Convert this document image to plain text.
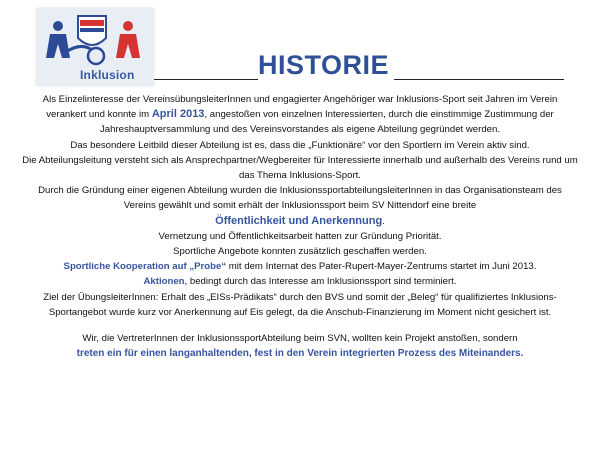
Inklusion	HISTORIE

Als Einzelinteresse der VereinsübungsleiterInnen und engagierter Angehöriger war Inklusions-Sport seit Jahren im Verein verankert und konnte im April 2013, angestoßen von einzelnen Interessierten, durch die einstimmige Zustimmung der Jahreshauptversammlung und des Vereinsvorstandes als eigene Abteilung gegründet werden.

Das besondere Leitbild dieser Abteilung ist es, dass die „Funktionäre“ vor den Sportlern im Verein aktiv sind.

Die Abteilungsleitung versteht sich als Ansprechpartner/Wegbereiter für Interessierte innerhalb und außerhalb des Vereins rund um das Thema Inklusions-Sport.

Durch die Gründung einer eigenen Abteilung wurden die InklusionssportabteilungsleiterInnen in das Organisationsteam des Vereins gewählt und somit erhält der Inklusionssport beim SV Nittendorf eine breite
Öffentlichkeit und Anerkennung.

Vernetzung und Öffentlichkeitsarbeit hatten zur Gründung Priorität.

Sportliche Angebote konnten zusätzlich geschaffen werden.

Sportliche Kooperation auf „Probe“ mit dem Internat des Pater-Rupert-Mayer-Zentrums startet im Juni 2013.

Aktionen, bedingt durch das Interesse am Inklusionssport sind terminiert.

Ziel der ÜbungsleiterInnen: Erhalt des „EISs-Prädikats“ durch den BVS und somit der „Beleg“ für qualifiziertes Inklusions-Sportangebot wurde kurz vor Anerkennung auf Eis gelegt, da die Anschub-Finanzierung im Moment nicht gesichert ist.

Wir, die VertreterInnen der InklusionssportAbteilung beim SVN, wollten kein Projekt anstoßen, sondern
treten ein für einen langanhaltenden, fest in den Verein integrierten Prozess des Miteinanders.
